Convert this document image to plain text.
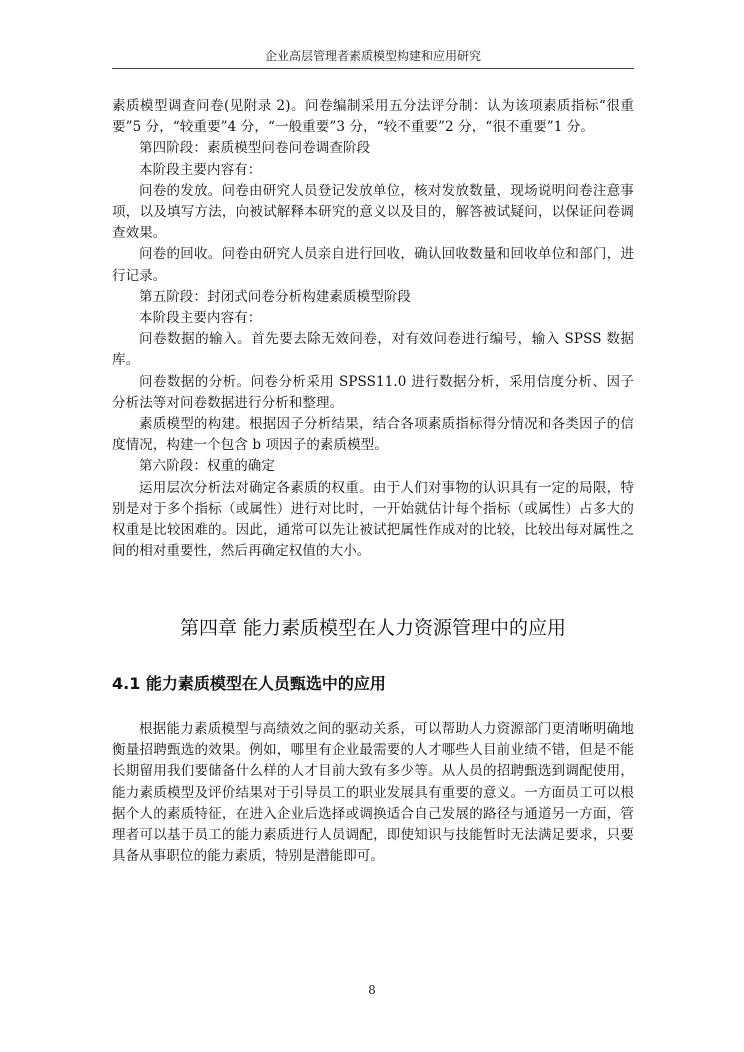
企业高层管理者素质模型构建和应用研究

素质模型调查问卷(见附录 2)。问卷编制采用五分法评分制：认为该项素质指标“很重要”5 分，“较重要”4 分，“一般重要”3 分，“较不重要”2 分，“很不重要”1 分。

第四阶段：素质模型问卷问卷调查阶段

本阶段主要内容有：

问卷的发放。问卷由研究人员登记发放单位，核对发放数量，现场说明问卷注意事项，以及填写方法，向被试解释本研究的意义以及目的，解答被试疑问，以保证问卷调查效果。

问卷的回收。问卷由研究人员亲自进行回收，确认回收数量和回收单位和部门，进行记录。

第五阶段：封闭式问卷分析构建素质模型阶段

本阶段主要内容有：

问卷数据的输入。首先要去除无效问卷，对有效问卷进行编号，输入 SPSS 数据库。

问卷数据的分析。问卷分析采用 SPSS11.0 进行数据分析，采用信度分析、因子分析法等对问卷数据进行分析和整理。

素质模型的构建。根据因子分析结果，结合各项素质指标得分情况和各类因子的信度情况，构建一个包含 b 项因子的素质模型。

第六阶段：权重的确定

运用层次分析法对确定各素质的权重。由于人们对事物的认识具有一定的局限，特别是对于多个指标（或属性）进行对比时，一开始就估计每个指标（或属性）占多大的权重是比较困难的。因此，通常可以先让被试把属性作成对的比较，比较出每对属性之间的相对重要性，然后再确定权值的大小。

第四章 能力素质模型在人力资源管理中的应用
4.1 能力素质模型在人员甄选中的应用

根据能力素质模型与高绩效之间的驱动关系，可以帮助人力资源部门更清晰明确地衡量招聘甄选的效果。例如，哪里有企业最需要的人才哪些人目前业绩不错，但是不能长期留用我们要储备什么样的人才目前大致有多少等。从人员的招聘甄选到调配使用，能力素质模型及评价结果对于引导员工的职业发展具有重要的意义。一方面员工可以根据个人的素质特征，在进入企业后选择或调换适合自己发展的路径与通道另一方面，管理者可以基于员工的能力素质进行人员调配，即使知识与技能暂时无法满足要求，只要具备从事职位的能力素质，特别是潜能即可。

8
